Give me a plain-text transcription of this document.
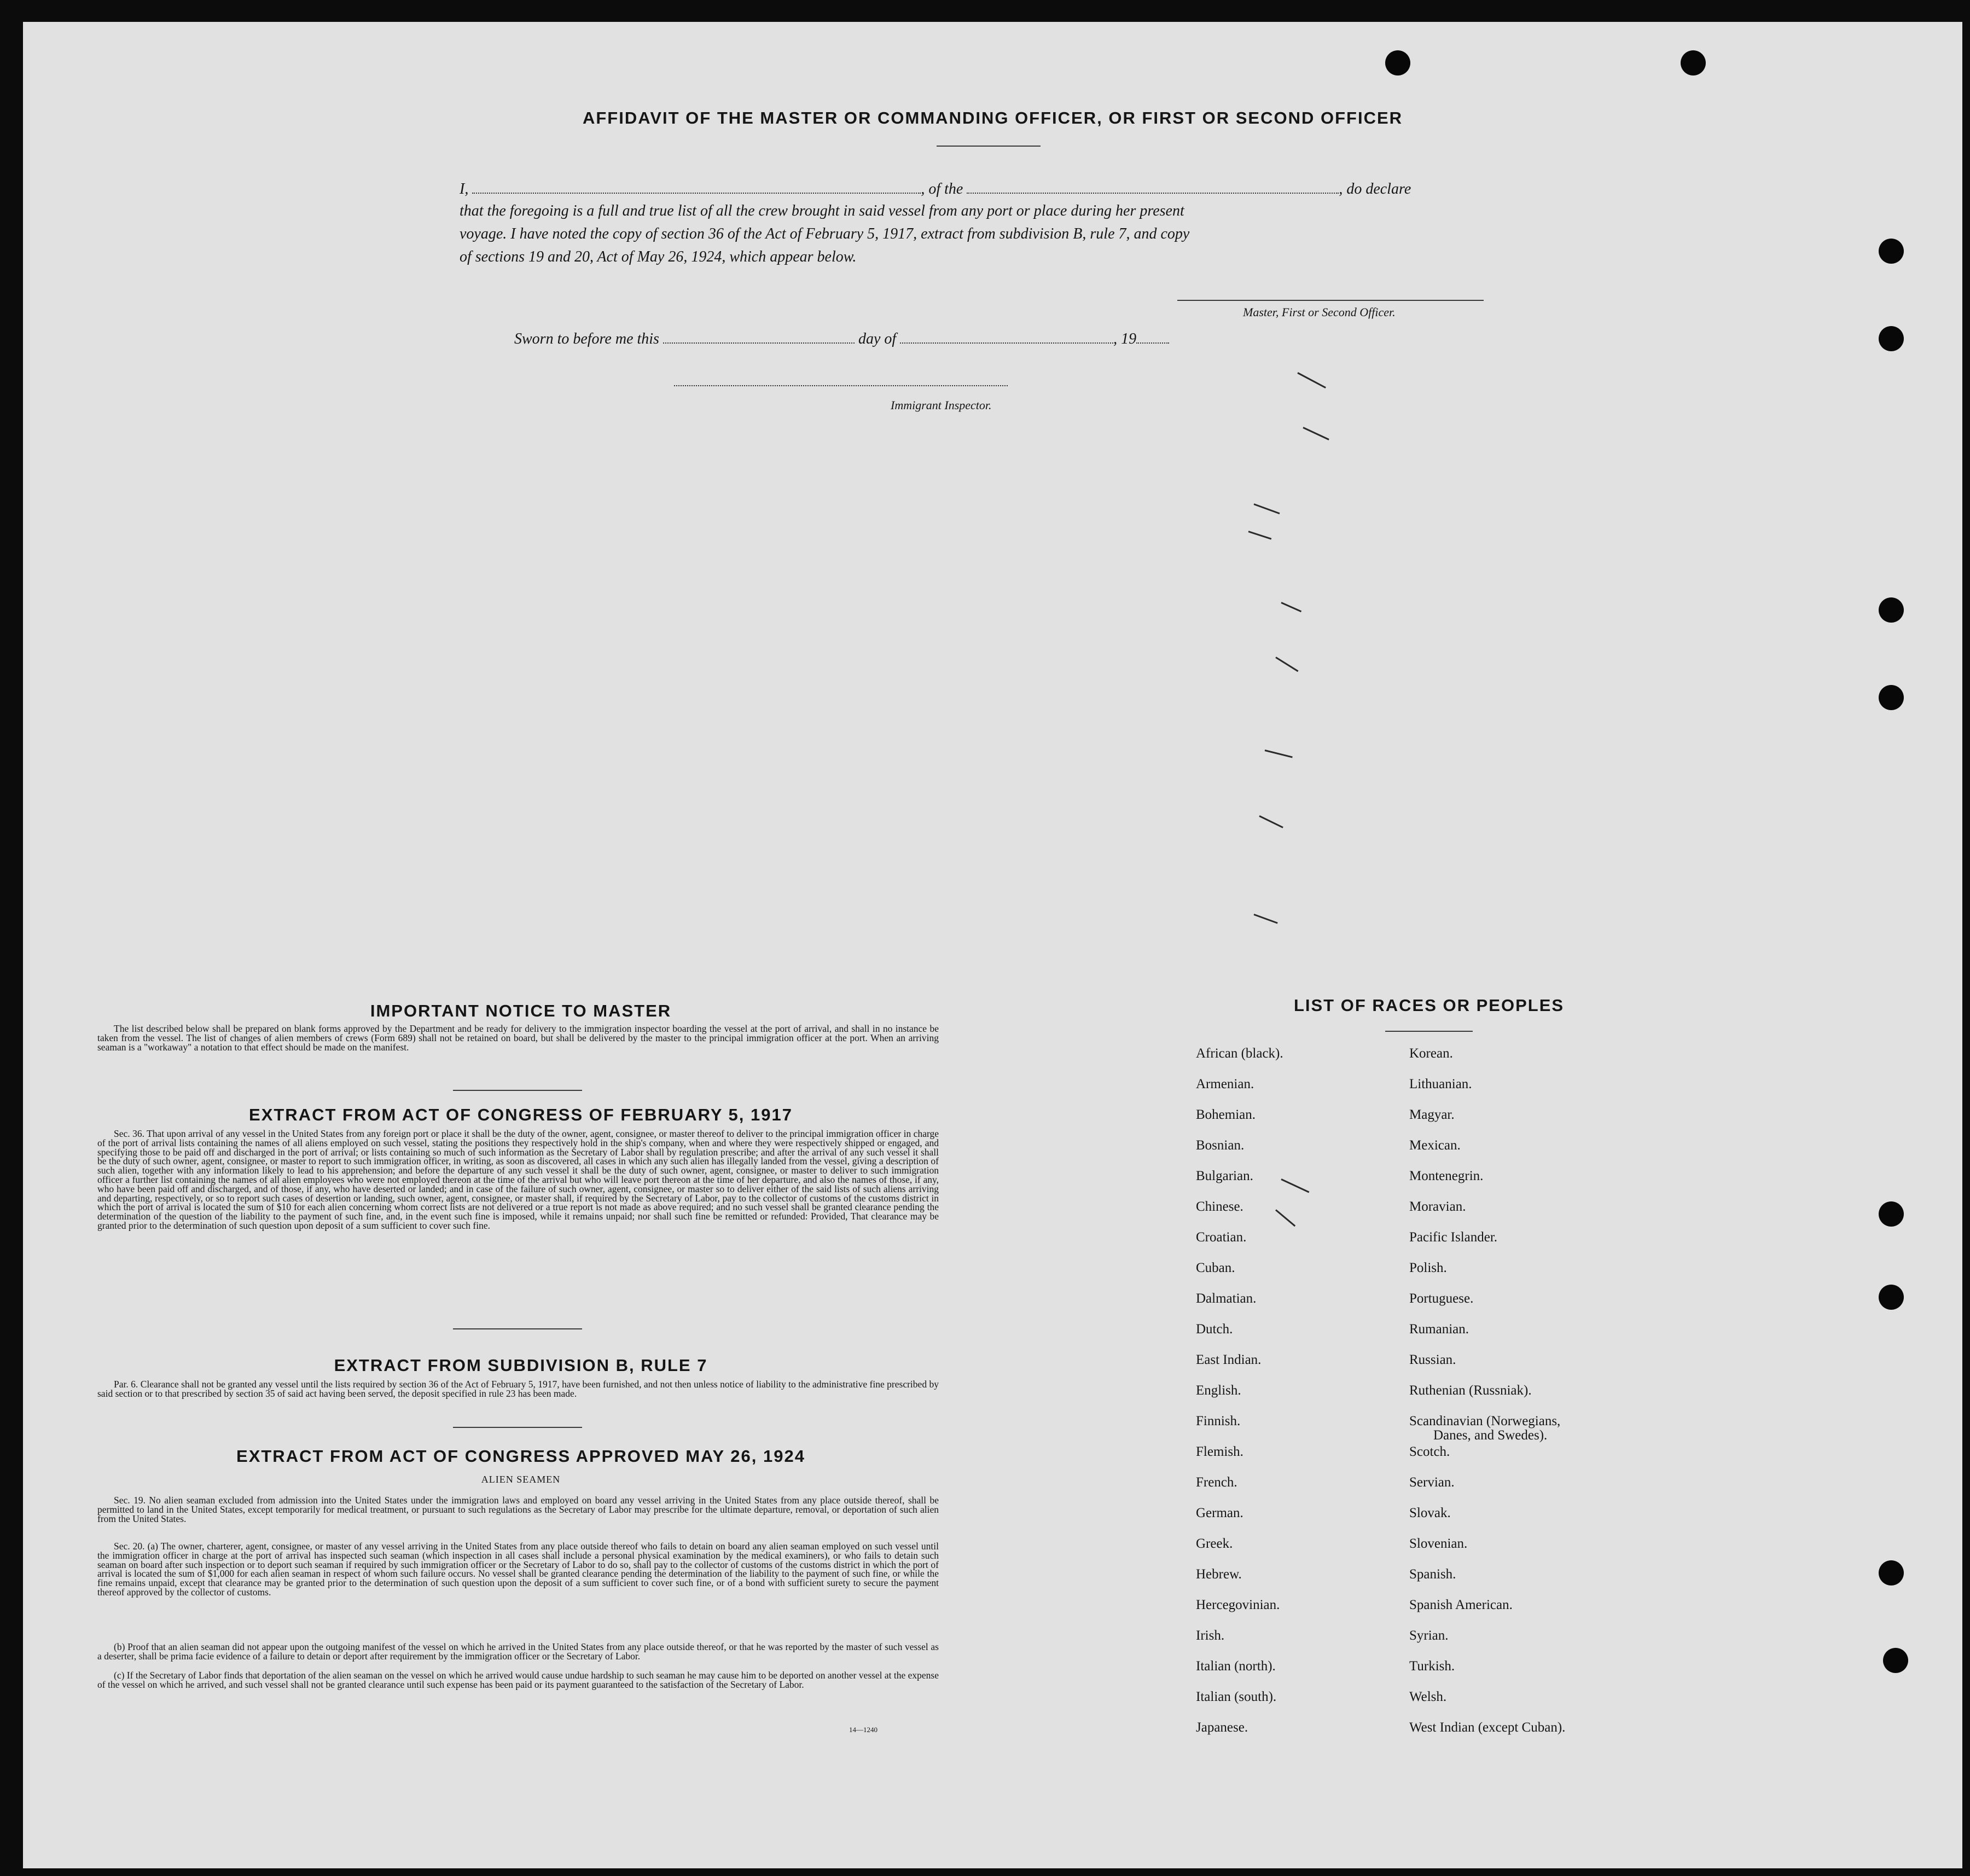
AFFIDAVIT OF THE MASTER OR COMMANDING OFFICER, OR FIRST OR SECOND OFFICER
I,	, of the	, do declare
that the foregoing is a full and true list of all the crew brought in said vessel from any port or place during her present
voyage. I have noted the copy of section 36 of the Act of February 5, 1917, extract from subdivision B, rule 7, and copy
of sections 19 and 20, Act of May 26, 1924, which appear below.
Master, First or Second Officer.
Sworn to before me this	day of	, 19
Immigrant Inspector.
IMPORTANT NOTICE TO MASTER
The list described below shall be prepared on blank forms approved by the Department and be ready for delivery to the immigration inspector boarding the vessel at the port of arrival, and shall in no instance be taken from the vessel. The list of changes of alien members of crews (Form 689) shall not be retained on board, but shall be delivered by the master to the principal immigration officer at the port. When an arriving seaman is a "workaway" a notation to that effect should be made on the manifest.
EXTRACT FROM ACT OF CONGRESS OF FEBRUARY 5, 1917
Sec. 36. That upon arrival of any vessel in the United States from any foreign port or place it shall be the duty of the owner, agent, consignee, or master thereof to deliver to the principal immigration officer in charge of the port of arrival lists containing the names of all aliens employed on such vessel, stating the positions they respectively hold in the ship's company, when and where they were respectively shipped or engaged, and specifying those to be paid off and discharged in the port of arrival; or lists containing so much of such information as the Secretary of Labor shall by regulation prescribe; and after the arrival of any such vessel it shall be the duty of such owner, agent, consignee, or master to report to such immigration officer, in writing, as soon as discovered, all cases in which any such alien has illegally landed from the vessel, giving a description of such alien, together with any information likely to lead to his apprehension; and before the departure of any such vessel it shall be the duty of such owner, agent, consignee, or master to deliver to such immigration officer a further list containing the names of all alien employees who were not employed thereon at the time of the arrival but who will leave port thereon at the time of her departure, and also the names of those, if any, who have been paid off and discharged, and of those, if any, who have deserted or landed; and in case of the failure of such owner, agent, consignee, or master so to deliver either of the said lists of such aliens arriving and departing, respectively, or so to report such cases of desertion or landing, such owner, agent, consignee, or master shall, if required by the Secretary of Labor, pay to the collector of customs of the customs district in which the port of arrival is located the sum of $10 for each alien concerning whom correct lists are not delivered or a true report is not made as above required; and no such vessel shall be granted clearance pending the determination of the question of the liability to the payment of such fine, and, in the event such fine is imposed, while it remains unpaid; nor shall such fine be remitted or refunded: Provided, That clearance may be granted prior to the determination of such question upon deposit of a sum sufficient to cover such fine.
EXTRACT FROM SUBDIVISION B, RULE 7
Par. 6. Clearance shall not be granted any vessel until the lists required by section 36 of the Act of February 5, 1917, have been furnished, and not then unless notice of liability to the administrative fine prescribed by said section or to that prescribed by section 35 of said act having been served, the deposit specified in rule 23 has been made.
EXTRACT FROM ACT OF CONGRESS APPROVED MAY 26, 1924
ALIEN SEAMEN
Sec. 19. No alien seaman excluded from admission into the United States under the immigration laws and employed on board any vessel arriving in the United States from any place outside thereof, shall be permitted to land in the United States, except temporarily for medical treatment, or pursuant to such regulations as the Secretary of Labor may prescribe for the ultimate departure, removal, or deportation of such alien from the United States.
Sec. 20. (a) The owner, charterer, agent, consignee, or master of any vessel arriving in the United States from any place outside thereof who fails to detain on board any alien seaman employed on such vessel until the immigration officer in charge at the port of arrival has inspected such seaman (which inspection in all cases shall include a personal physical examination by the medical examiners), or who fails to detain such seaman on board after such inspection or to deport such seaman if required by such immigration officer or the Secretary of Labor to do so, shall pay to the collector of customs of the customs district in which the port of arrival is located the sum of $1,000 for each alien seaman in respect of whom such failure occurs. No vessel shall be granted clearance pending the determination of the liability to the payment of such fine, or while the fine remains unpaid, except that clearance may be granted prior to the determination of such question upon the deposit of a sum sufficient to cover such fine, or of a bond with sufficient surety to secure the payment thereof approved by the collector of customs.
(b) Proof that an alien seaman did not appear upon the outgoing manifest of the vessel on which he arrived in the United States from any place outside thereof, or that he was reported by the master of such vessel as a deserter, shall be prima facie evidence of a failure to detain or deport after requirement by the immigration officer or the Secretary of Labor.
(c) If the Secretary of Labor finds that deportation of the alien seaman on the vessel on which he arrived would cause undue hardship to such seaman he may cause him to be deported on another vessel at the expense of the vessel on which he arrived, and such vessel shall not be granted clearance until such expense has been paid or its payment guaranteed to the satisfaction of the Secretary of Labor.
14—1240
LIST OF RACES OR PEOPLES
African (black).
Armenian.
Bohemian.
Bosnian.
Bulgarian.
Chinese.
Croatian.
Cuban.
Dalmatian.
Dutch.
East Indian.
English.
Finnish.
Flemish.
French.
German.
Greek.
Hebrew.
Hercegovinian.
Irish.
Italian (north).
Italian (south).
Japanese.
Korean.
Lithuanian.
Magyar.
Mexican.
Montenegrin.
Moravian.
Pacific Islander.
Polish.
Portuguese.
Rumanian.
Russian.
Ruthenian (Russniak).
Scandinavian (Norwegians,
Scotch.
Servian.
Slovak.
Slovenian.
Spanish.
Spanish American.
Syrian.
Turkish.
Welsh.
West Indian (except Cuban).
Danes, and Swedes).
